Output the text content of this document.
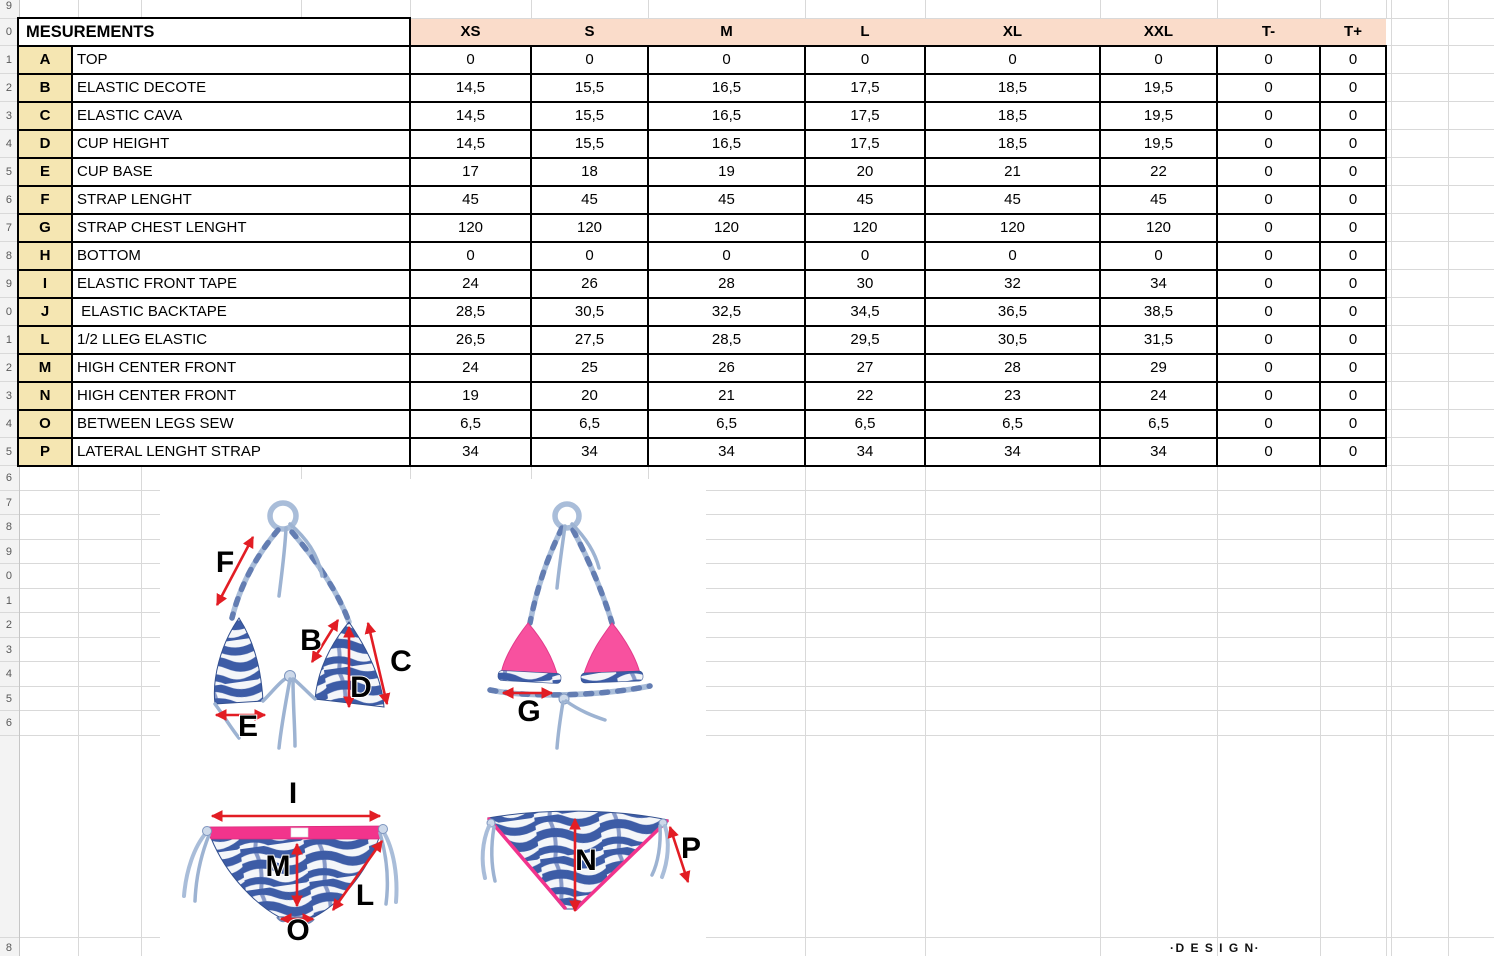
F
B
C
D
E	G
I
M
L
O
N	P
MESUREMENTS	XS	S	M	L	XL	XXL	T-	T+
A	TOP	0	0	0	0	0	0	0	0
B	ELASTIC DECOTE	14,5	15,5	16,5	17,5	18,5	19,5	0	0
C	ELASTIC CAVA	14,5	15,5	16,5	17,5	18,5	19,5	0	0
D	CUP HEIGHT	14,5	15,5	16,5	17,5	18,5	19,5	0	0
E	CUP BASE	17	18	19	20	21	22	0	0
F	STRAP LENGHT	45	45	45	45	45	45	0	0
G	STRAP CHEST LENGHT	120	120	120	120	120	120	0	0
H	BOTTOM	0	0	0	0	0	0	0	0
I	ELASTIC FRONT TAPE	24	26	28	30	32	34	0	0
J	ELASTIC BACKTAPE	28,5	30,5	32,5	34,5	36,5	38,5	0	0
L	1/2 LLEG ELASTIC	26,5	27,5	28,5	29,5	30,5	31,5	0	0
M	HIGH CENTER FRONT	24	25	26	27	28	29	0	0
N	HIGH CENTER FRONT	19	20	21	22	23	24	0	0
O	BETWEEN LEGS SEW	6,5	6,5	6,5	6,5	6,5	6,5	0	0
P	LATERAL LENGHT STRAP	34	34	34	34	34	34	0	0
9
0
1
2
3
4
5
6
7
8
9
0
1
2
3
4
5
6
7
8
9
0
1
2
3
4
5
6
8	·D E S I G N·
